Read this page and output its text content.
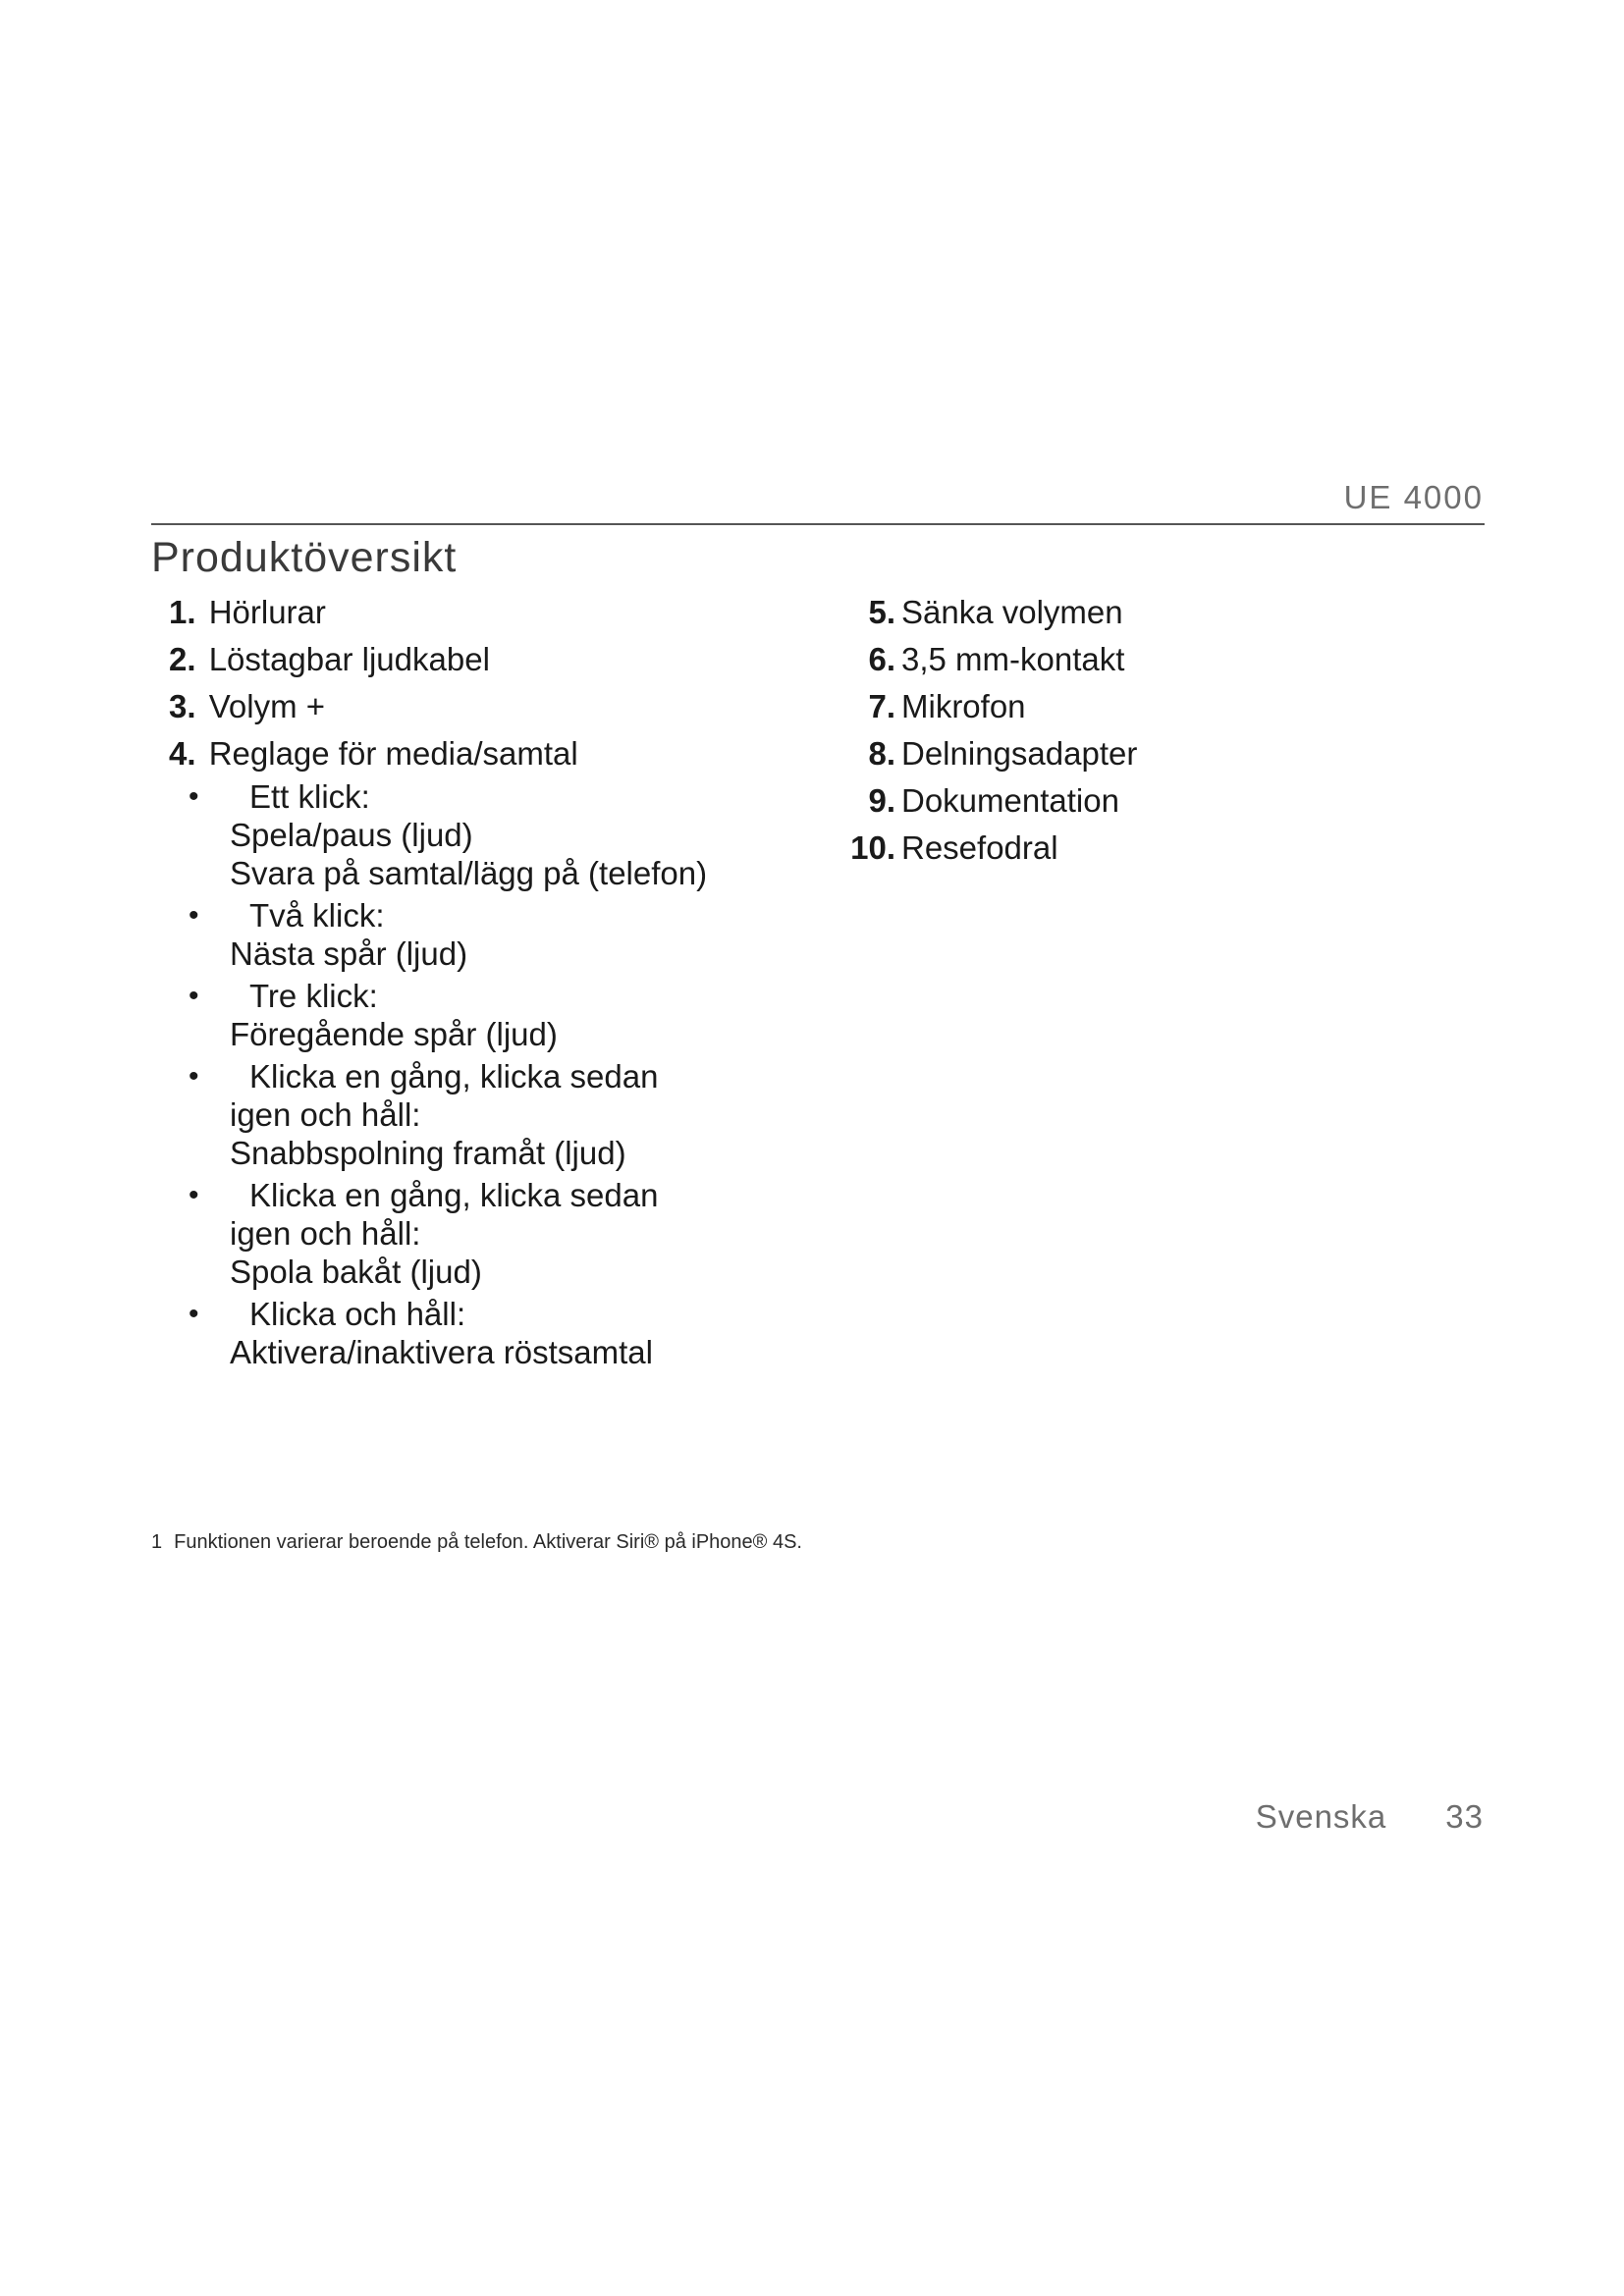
UE 4000
Produktöversikt
1. Hörlurar
2. Löstagbar ljudkabel
3. Volym +
4. Reglage för media/samtal
•	Ett klick:
Spela/paus (ljud)
Svara på samtal/lägg på (telefon)
•	Två klick:
Nästa spår (ljud)
•	Tre klick:
Föregående spår (ljud)
•	Klicka en gång, klicka sedan
igen och håll:
Snabbspolning framåt (ljud)
•	Klicka en gång, klicka sedan
igen och håll:
Spola bakåt (ljud)
•	Klicka och håll:
Aktivera/inaktivera röstsamtal
5. Sänka volymen
6. 3,5 mm-kontakt
7. Mikrofon
8. Delningsadapter
9. Dokumentation
10. Resefodral
1 Funktionen varierar beroende på telefon. Aktiverar Siri® på iPhone® 4S.
Svenska 33
